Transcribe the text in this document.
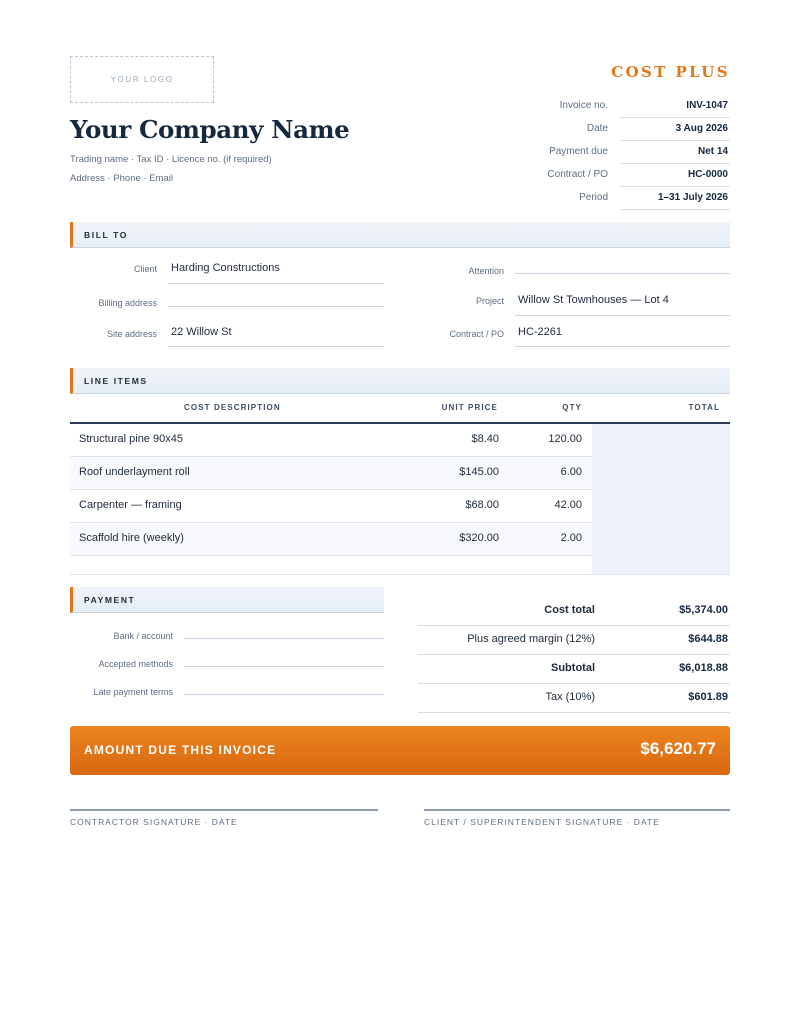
YOUR LOGO
Your Company Name
Trading name · Tax ID · Licence no. (if required)
Address · Phone · Email
COST PLUS
Invoice no.	INV-1047
Date	3 Aug 2026
Payment due	Net 14
Contract / PO	HC-0000
Period	1–31 July 2026
BILL TO
Client Harding Constructions
Billing address
Site address 22 Willow St
Attention
Project Willow St Townhouses — Lot 4
Contract / PO HC-2261
LINE ITEMS
COST DESCRIPTION	UNIT PRICE	QTY	TOTAL
Structural pine 90x45	$8.40	120.00
Roof underlayment roll	$145.00	6.00
Carpenter — framing	$68.00	42.00
Scaffold hire (weekly)	$320.00	2.00
PAYMENT
Bank / account
Accepted methods
Late payment terms
Cost total	$5,374.00
Plus agreed margin (12%)	$644.88
Subtotal	$6,018.88
Tax (10%)	$601.89
AMOUNT DUE THIS INVOICE	$6,620.77
CONTRACTOR SIGNATURE · DATE	CLIENT / SUPERINTENDENT SIGNATURE · DATE
